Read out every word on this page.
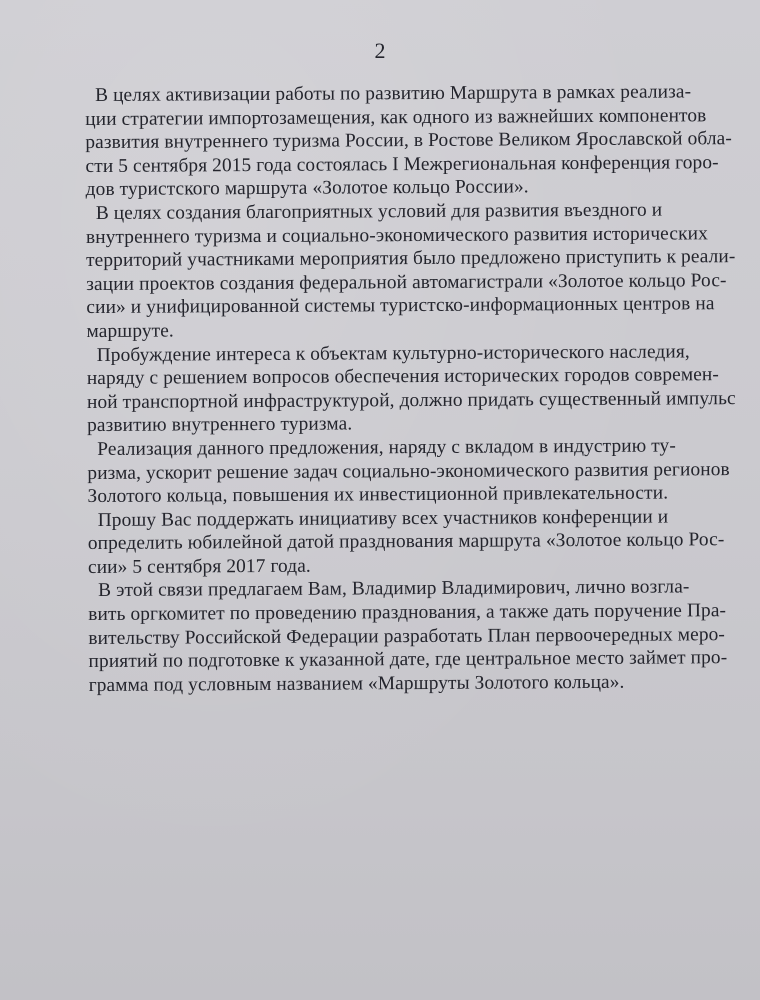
2
В целях активизации работы по развитию Маршрута в рамках реализа-
ции стратегии импортозамещения, как одного из важнейших компонентов
развития внутреннего туризма России, в Ростове Великом Ярославской обла-
сти 5 сентября 2015 года состоялась I Межрегиональная конференция горо-
дов туристского маршрута «Золотое кольцо России».
В целях создания благоприятных условий для развития въездного и
внутреннего туризма и социально-экономического развития исторических
территорий участниками мероприятия было предложено приступить к реали-
зации проектов создания федеральной автомагистрали «Золотое кольцо Рос-
сии» и унифицированной системы туристско-информационных центров на
маршруте.
Пробуждение интереса к объектам культурно-исторического наследия,
наряду с решением вопросов обеспечения исторических городов современ-
ной транспортной инфраструктурой, должно придать существенный импульс
развитию внутреннего туризма.
Реализация данного предложения, наряду с вкладом в индустрию ту-
ризма, ускорит решение задач социально-экономического развития регионов
Золотого кольца, повышения их инвестиционной привлекательности.
Прошу Вас поддержать инициативу всех участников конференции и
определить юбилейной датой празднования маршрута «Золотое кольцо Рос-
сии» 5 сентября 2017 года.
В этой связи предлагаем Вам, Владимир Владимирович, лично возгла-
вить оргкомитет по проведению празднования, а также дать поручение Пра-
вительству Российской Федерации разработать План первоочередных меро-
приятий по подготовке к указанной дате, где центральное место займет про-
грамма под условным названием «Маршруты Золотого кольца».
